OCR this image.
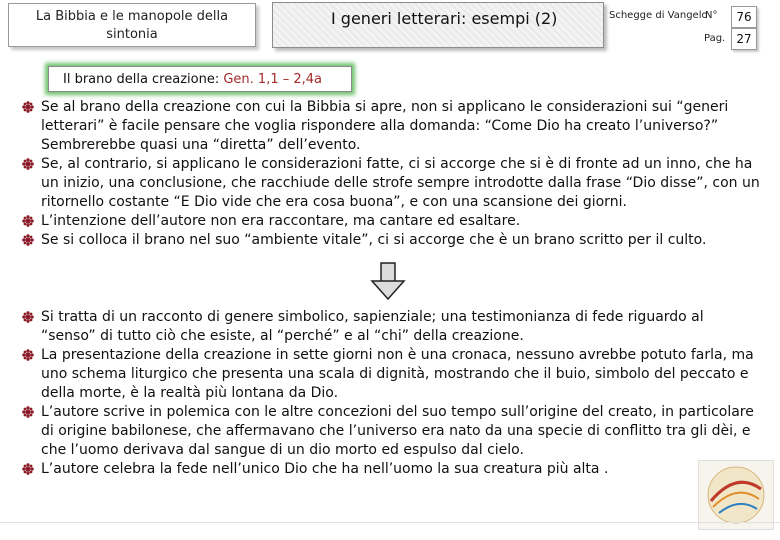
La Bibbia e le manopole della sintonia
I generi letterari: esempi (2)	Schegge di Vangelo
N°	76
Pag. 27
Il brano della creazione: Gen. 1,1 – 2,4a
Se al brano della creazione con cui la Bibbia si apre, non si applicano le considerazioni sui “generi letterari” è facile pensare che voglia rispondere alla domanda: “Come Dio ha creato l’universo?” Sembrerebbe quasi una “diretta” dell’evento.
Se, al contrario, si applicano le considerazioni fatte, ci si accorge che si è di fronte ad un inno, che ha un inizio, una conclusione, che racchiude delle strofe sempre introdotte dalla frase “Dio disse”, con un ritornello costante “E Dio vide che era cosa buona”, e con una scansione dei giorni.
L’intenzione dell’autore non era raccontare, ma cantare ed esaltare.
Se si colloca il brano nel suo “ambiente vitale”, ci si accorge che è un brano scritto per il culto.
Si tratta di un racconto di genere simbolico, sapienziale; una testimonianza di fede riguardo al “senso” di tutto ciò che esiste, al “perché” e al “chi” della creazione.
La presentazione della creazione in sette giorni non è una cronaca, nessuno avrebbe potuto farla, ma uno schema liturgico che presenta una scala di dignità, mostrando che il buio, simbolo del peccato e della morte, è la realtà più lontana da Dio.
L’autore scrive in polemica con le altre concezioni del suo tempo sull’origine del creato, in particolare di origine babilonese, che affermavano che l’universo era nato da una specie di conflitto tra gli dèi, e che l’uomo derivava dal sangue di un dio morto ed espulso dal cielo.
L’autore celebra la fede nell’unico Dio che ha nell’uomo la sua creatura più alta .
